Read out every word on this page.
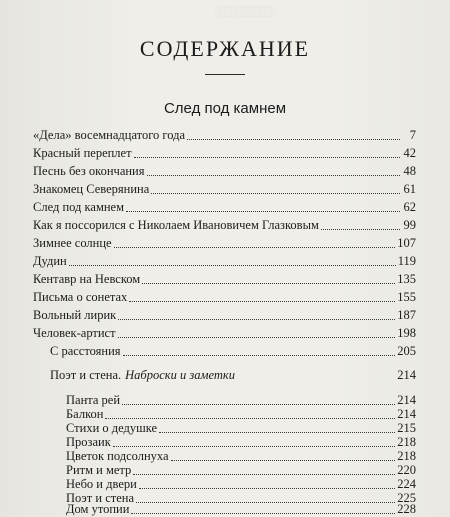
░░░░░░░
СОДЕРЖАНИЕ
След под камнем
«Дела» восемнадцатого года	7
Красный переплет	42
Песнь без окончания	48
Знакомец Северянина	61
След под камнем	62
Как я поссорился с Николаем Ивановичем Глазковым	99
Зимнее солнце	107
Дудин	119
Кентавр на Невском	135
Письма о сонетах	155
Вольный лирик	187
Человек-артист	198
С расстояния	205
Поэт и стена. Наброски и заметки	214
Панта рей	214
Балкон	214
Стихи о дедушке	215
Прозаик	218
Цветок подсолнуха	218
Ритм и метр	220
Небо и двери	224
Поэт и стена	225
Дом утопии	228
